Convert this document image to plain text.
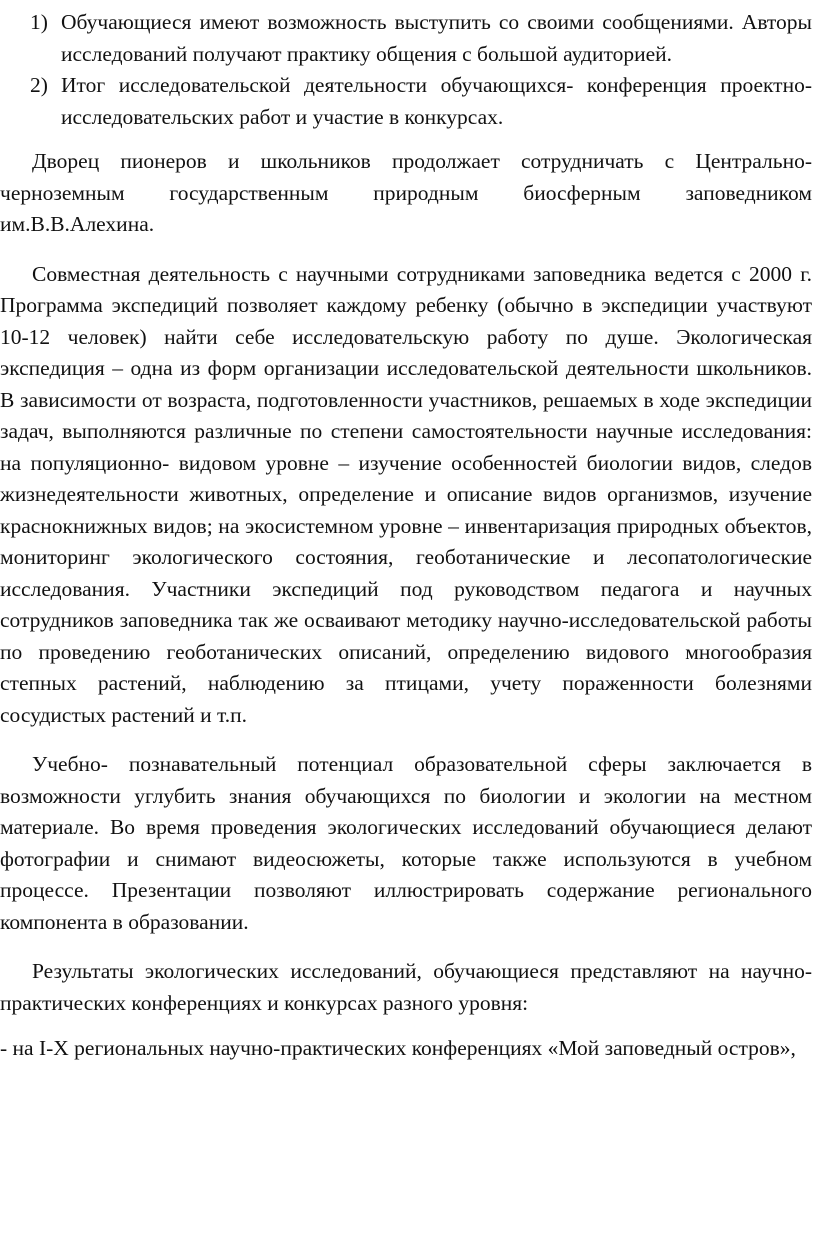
1) Обучающиеся имеют возможность выступить со своими сообщениями. Авторы исследований получают практику общения с большой аудиторией.
2) Итог исследовательской деятельности обучающихся- конференция проектно- исследовательских работ и участие в конкурсах.

Дворец пионеров и школьников продолжает сотрудничать с Центрально-черноземным государственным природным биосферным заповедником им.В.В.Алехина.

Совместная деятельность с научными сотрудниками заповедника ведется с 2000 г. Программа экспедиций позволяет каждому ребенку (обычно в экспедиции участвуют 10-12 человек) найти себе исследовательскую работу по душе. Экологическая экспедиция – одна из форм организации исследовательской деятельности школьников. В зависимости от возраста, подготовленности участников, решаемых в ходе экспедиции задач, выполняются различные по степени самостоятельности научные исследования: на популяционно- видовом уровне – изучение особенностей биологии видов, следов жизнедеятельности животных, определение и описание видов организмов, изучение краснокнижных видов; на экосистемном уровне – инвентаризация природных объектов, мониторинг экологического состояния, геоботанические и лесопатологические исследования. Участники экспедиций под руководством педагога и научных сотрудников заповедника так же осваивают методику научно-исследовательской работы по проведению геоботанических описаний, определению видового многообразия степных растений, наблюдению за птицами, учету пораженности болезнями сосудистых растений и т.п.

Учебно- познавательный потенциал образовательной сферы заключается в возможности углубить знания обучающихся по биологии и экологии на местном материале. Во время проведения экологических исследований обучающиеся делают фотографии и снимают видеосюжеты, которые также используются в учебном процессе. Презентации позволяют иллюстрировать содержание регионального компонента в образовании.

Результаты экологических исследований, обучающиеся представляют на научно-практических конференциях и конкурсах разного уровня:

- на I-X региональных научно-практических конференциях «Мой заповедный остров»,
